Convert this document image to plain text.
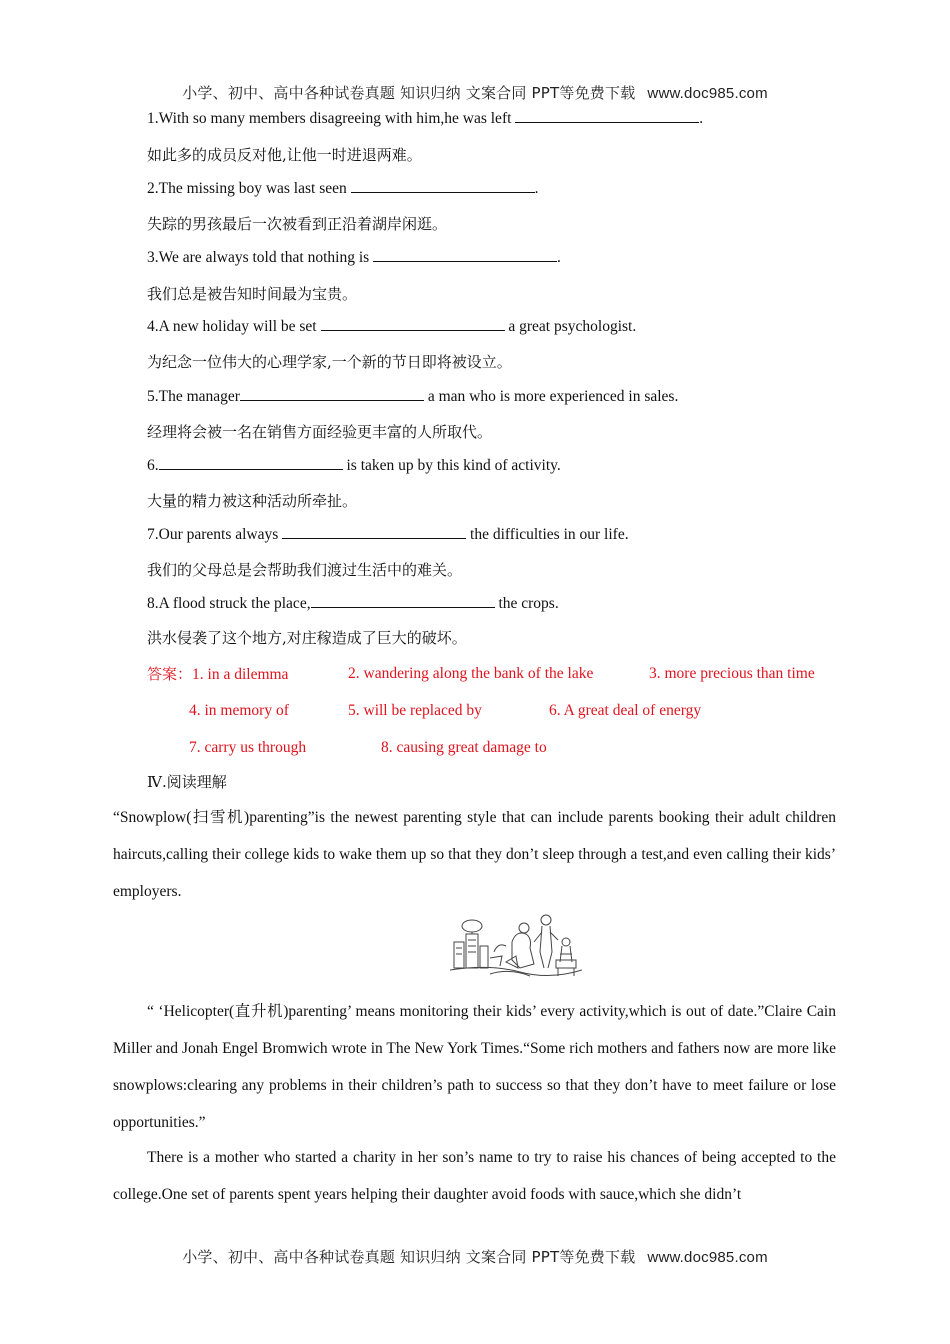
小学、初中、高中各种试卷真题 知识归纳 文案合同 PPT等免费下载 www.doc985.com
1.With so many members disagreeing with him,he was left	.
如此多的成员反对他,让他一时进退两难。
2.The missing boy was last seen	.
失踪的男孩最后一次被看到正沿着湖岸闲逛。
3.We are always told that nothing is	.
我们总是被告知时间最为宝贵。
4.A new holiday will be set	a great psychologist.
为纪念一位伟大的心理学家,一个新的节日即将被设立。
5.The manager	a man who is more experienced in sales.
经理将会被一名在销售方面经验更丰富的人所取代。
6.	is taken up by this kind of activity.
大量的精力被这种活动所牵扯。
7.Our parents always	the difficulties in our life.
我们的父母总是会帮助我们渡过生活中的难关。
8.A flood struck the place,	the crops.
洪水侵袭了这个地方,对庄稼造成了巨大的破坏。
答案：1. in a dilemma	2. wandering along the bank of the lake	3. more precious than time
4. in memory of	5. will be replaced by	6. A great deal of energy
7. carry us through	8. causing great damage to
Ⅳ.阅读理解
“Snowplow(扫雪机)parenting”is the newest parenting style that can include parents booking their adult children haircuts,calling their college kids to wake them up so that they don’t sleep through a test,and even calling their kids’ employers.
“ ‘Helicopter(直升机)parenting’ means monitoring their kids’ every activity,which is out of date.”Claire Cain Miller and Jonah Engel Bromwich wrote in The New York Times.“Some rich mothers and fathers now are more like snowplows:clearing any problems in their children’s path to success so that they don’t have to meet failure or lose opportunities.”
There is a mother who started a charity in her son’s name to try to raise his chances of being accepted to the college.One set of parents spent years helping their daughter avoid foods with sauce,which she didn’t
小学、初中、高中各种试卷真题 知识归纳 文案合同 PPT等免费下载 www.doc985.com
